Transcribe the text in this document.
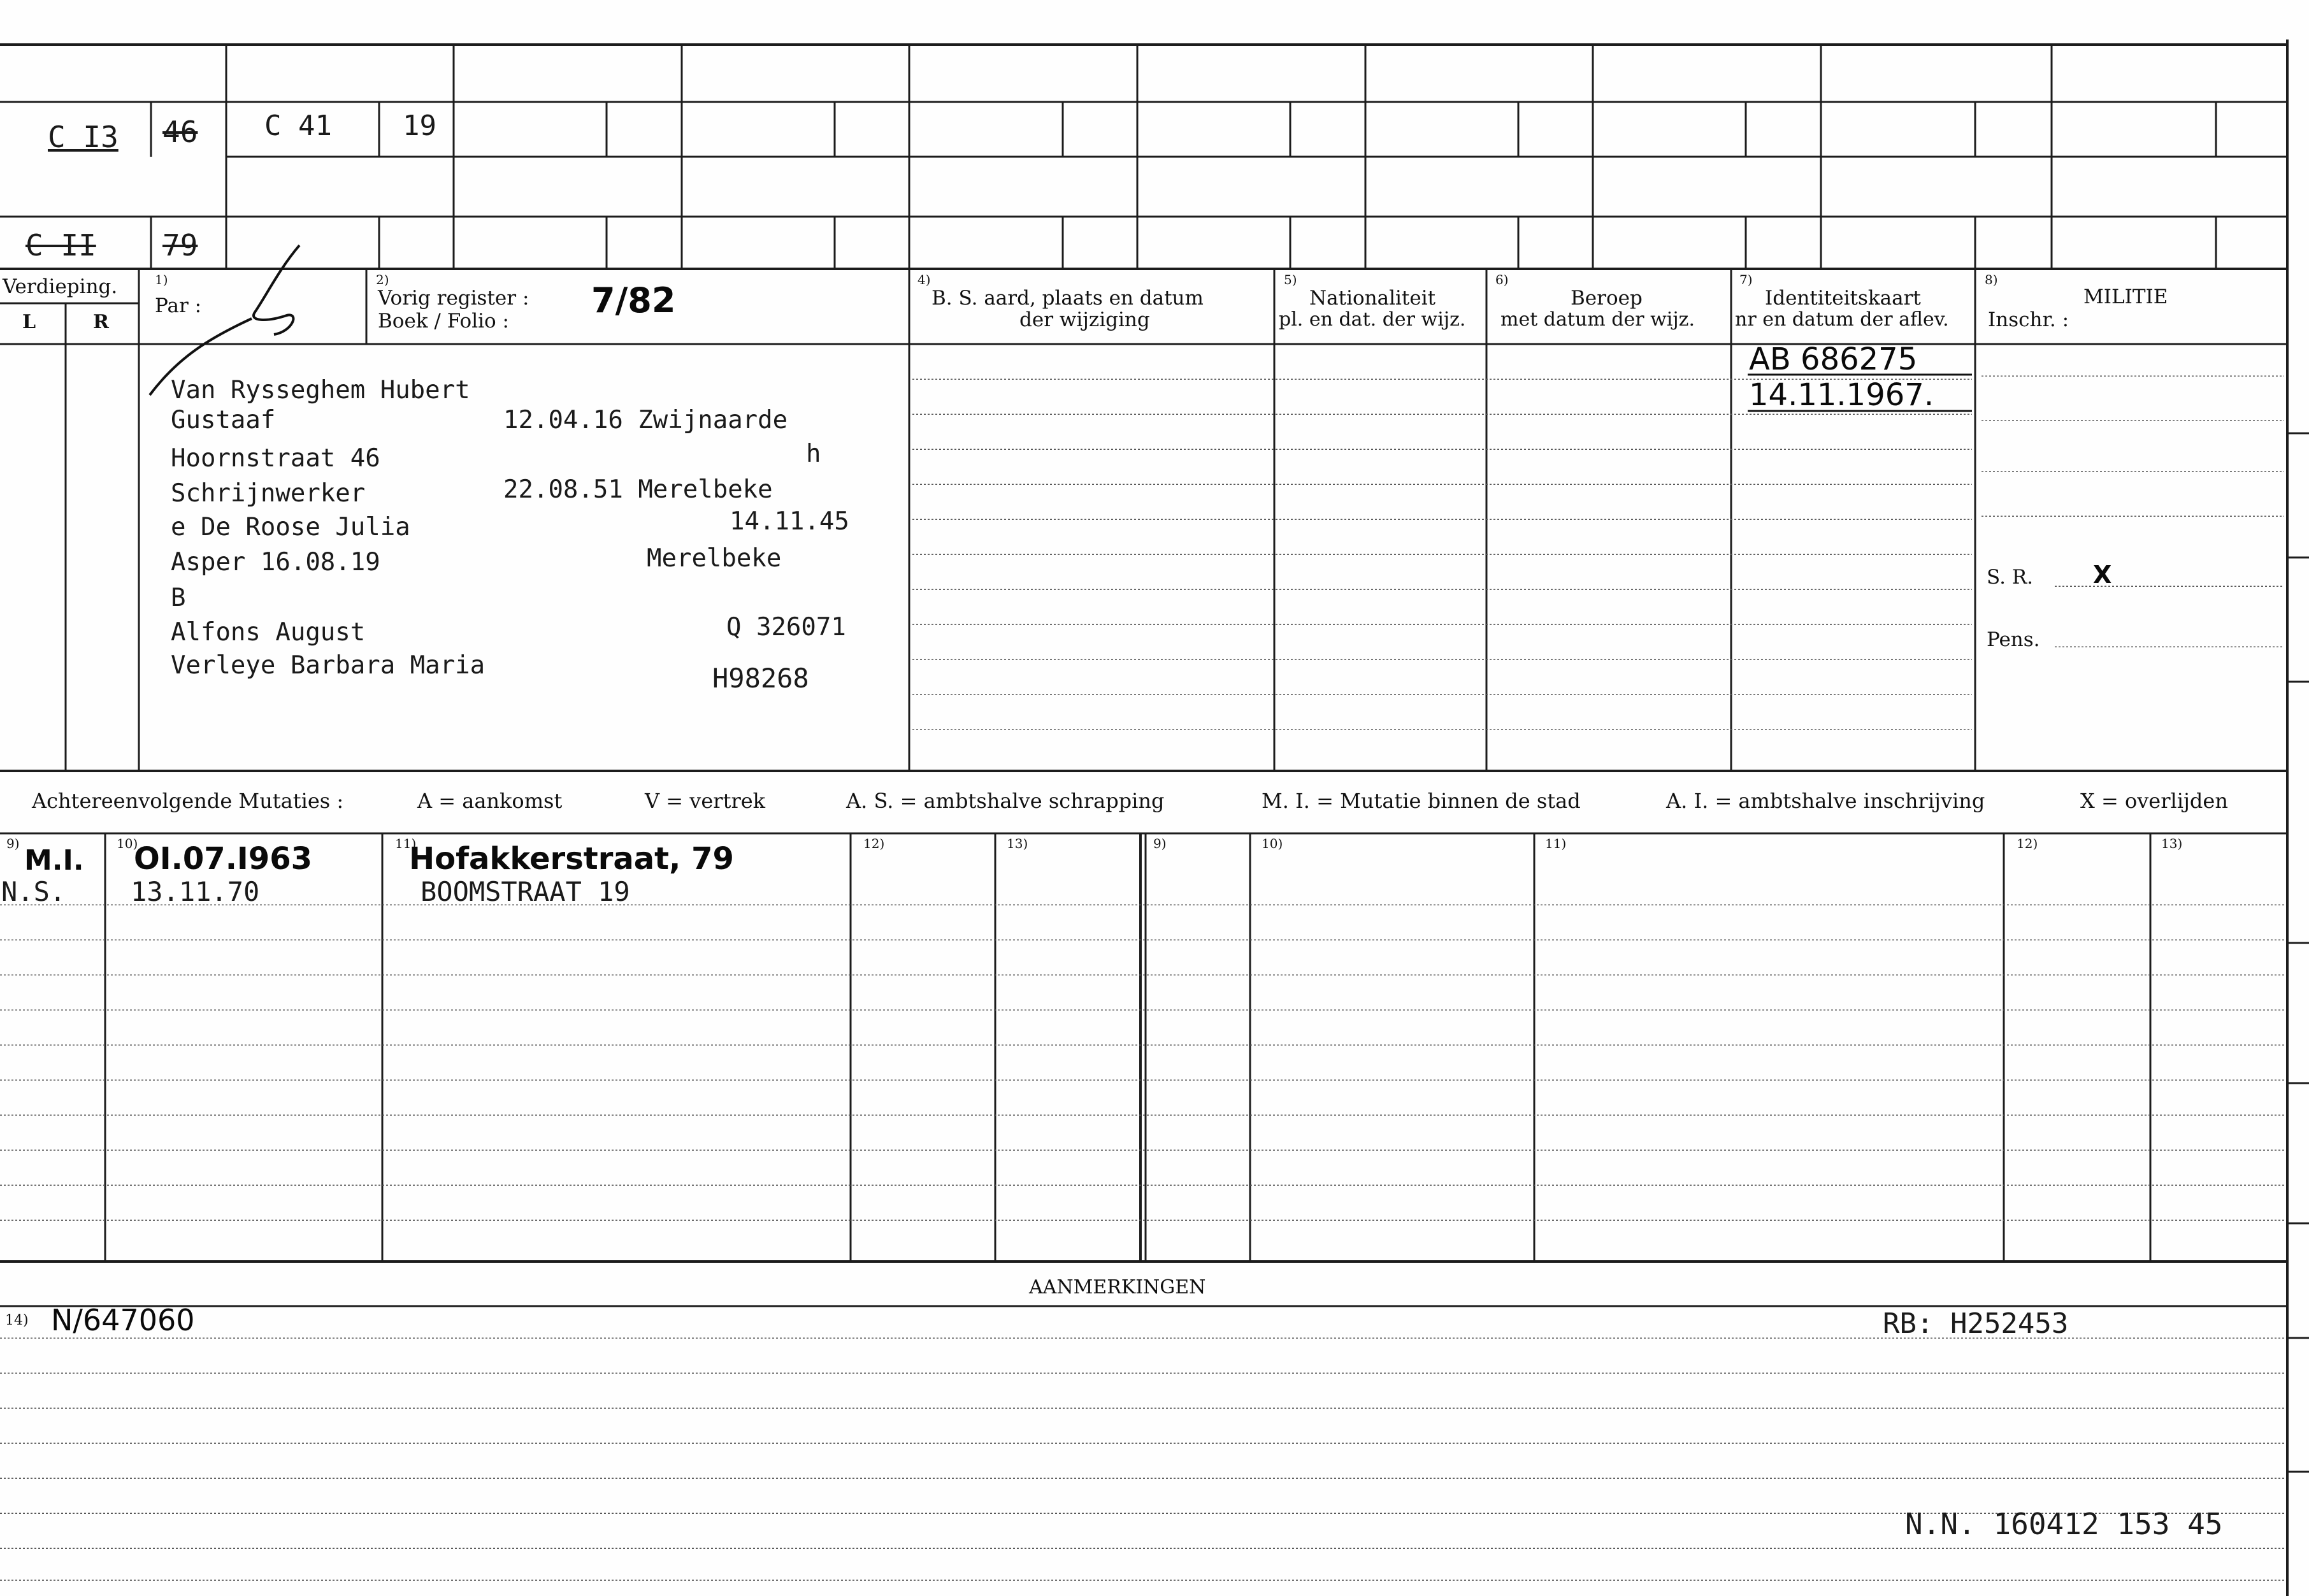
C I3 46 C 41	19
C II 79
Verdieping.
L	R
1)
Par :
2)
Vorig register :
Boek / Folio :
7/82
4)
B. S. aard, plaats en datum
der wijziging
5)
Nationaliteit
pl. en dat. der wijz.
6)
Beroep
met datum der wijz.
7)
Identiteitskaart
nr en datum der aflev.
8)
MILITIE
Inschr. :
Van Rysseghem Hubert
Gustaaf	12.04.16 Zwijnaarde
Hoornstraat 46	h
Schrijnwerker	22.08.51 Merelbeke
e De Roose Julia	14.11.45
Asper 16.08.19	Merelbeke
B
Alfons August	Q 326071
Verleye Barbara Maria	H98268
AB 686275
14.11.1967.
S. R. X
Pens.
Achtereenvolgende Mutaties :	A = aankomst	V = vertrek	A. S. = ambtshalve schrapping	M. I. = Mutatie binnen de stad	A. I. = ambtshalve inschrijving	X = overlijden
9)	10)	11)	12)	13)	9)	10)	11)	12)	13)
M.I. OI.07.I963	Hofakkerstraat, 79
N.S. 13.11.70	BOOMSTRAAT 19
AANMERKINGEN
14) N/647060	RB: H252453
N.N. 160412 153 45
